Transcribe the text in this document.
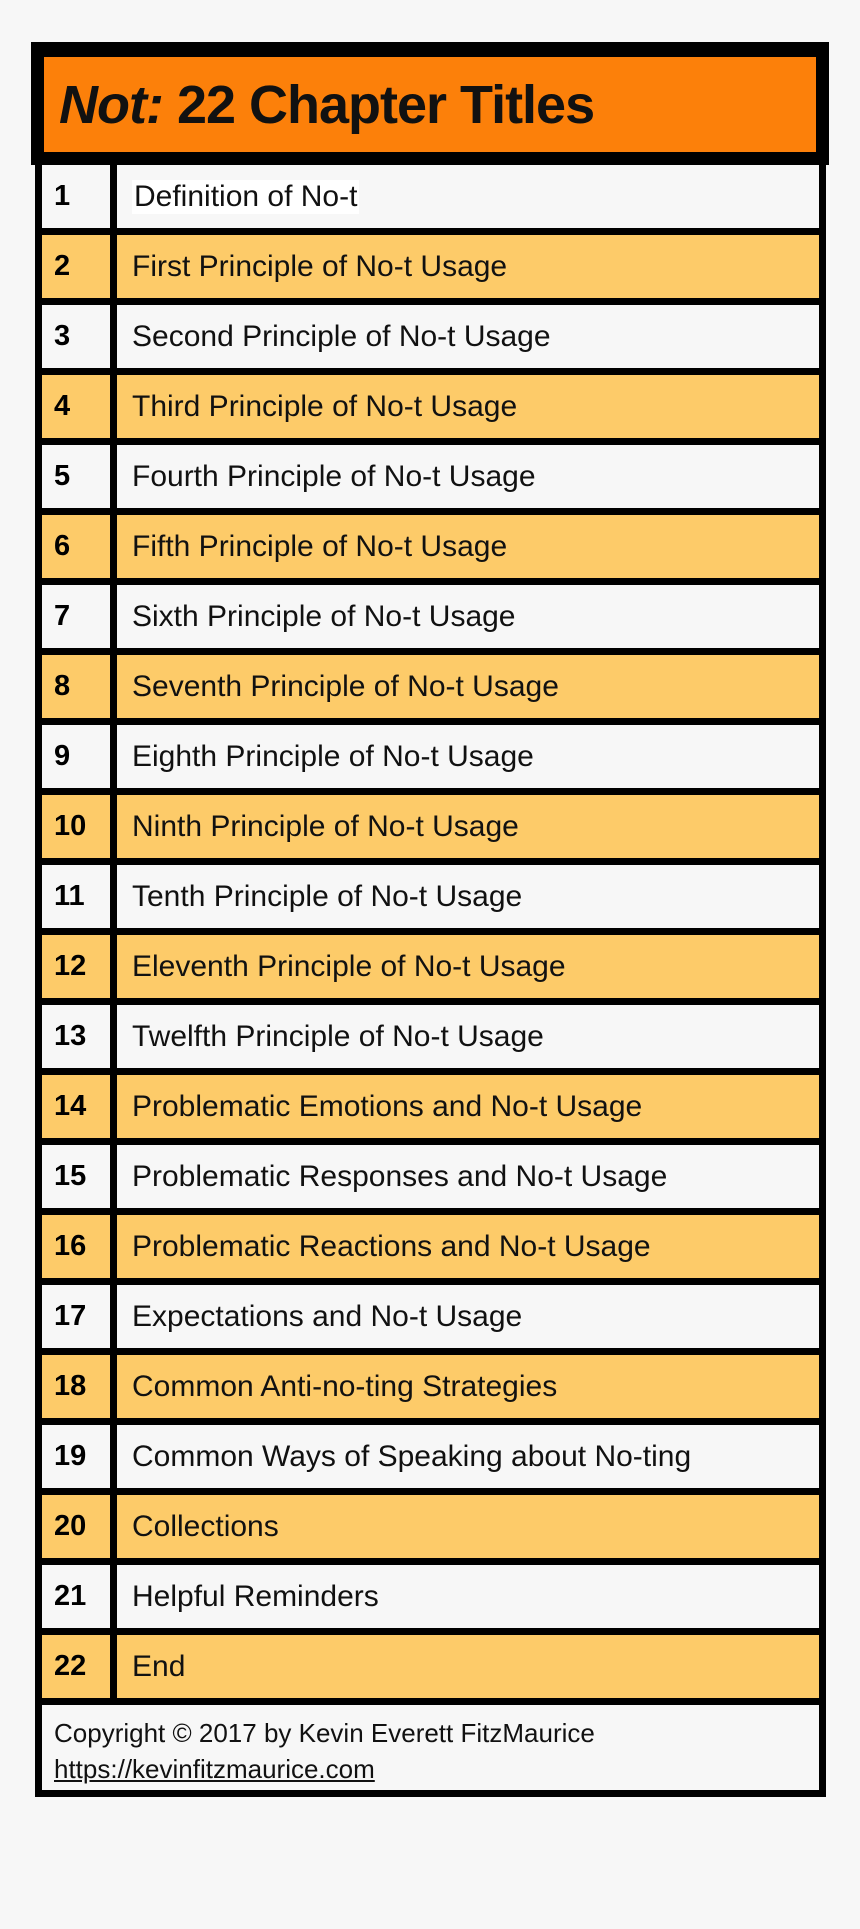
Not: 22 Chapter Titles
1	Definition of No-t
2	First Principle of No-t Usage
3	Second Principle of No-t Usage
4	Third Principle of No-t Usage
5	Fourth Principle of No-t Usage
6	Fifth Principle of No-t Usage
7	Sixth Principle of No-t Usage
8	Seventh Principle of No-t Usage
9	Eighth Principle of No-t Usage
10	Ninth Principle of No-t Usage
11	Tenth Principle of No-t Usage
12	Eleventh Principle of No-t Usage
13	Twelfth Principle of No-t Usage
14	Problematic Emotions and No-t Usage
15	Problematic Responses and No-t Usage
16	Problematic Reactions and No-t Usage
17	Expectations and No-t Usage
18	Common Anti-no-ting Strategies
19	Common Ways of Speaking about No-ting
20	Collections
21	Helpful Reminders
22	End
Copyright © 2017 by Kevin Everett FitzMaurice
https://kevinfitzmaurice.com
